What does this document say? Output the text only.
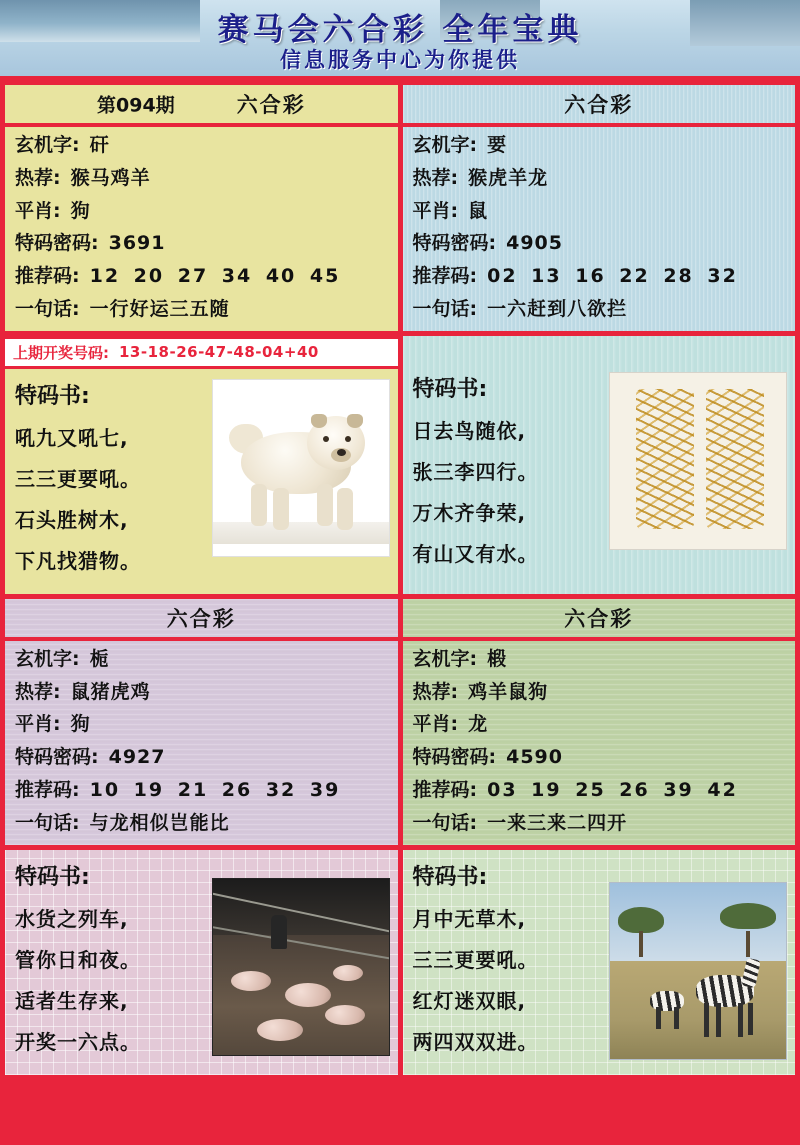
赛马会六合彩 全年宝典
信息服务中心为你提供
第094期	六合彩
玄机字: 矸
热荐: 猴马鸡羊
平肖: 狗
特码密码: 3691
推荐码: 12 20 27 34 40 45
一句话: 一行好运三五随
六合彩
玄机字: 要
热荐: 猴虎羊龙
平肖: 鼠
特码密码: 4905
推荐码: 02 13 16 22 28 32
一句话: 一六赶到八欲拦
上期开奖号码: 13-18-26-47-48-04+40
特码书:
吼九又吼七,
三三更要吼。
石头胜树木,
下凡找猎物。
特码书:
日去鸟随依,
张三李四行。
万木齐争荣,
有山又有水。
六合彩
玄机字: 栀
热荐: 鼠猪虎鸡
平肖: 狗
特码密码: 4927
推荐码: 10 19 21 26 32 39
一句话: 与龙相似岂能比
六合彩
玄机字: 椴
热荐: 鸡羊鼠狗
平肖: 龙
特码密码: 4590
推荐码: 03 19 25 26 39 42
一句话: 一来三来二四开
特码书:
水货之列车,
管你日和夜。
适者生存来,
开奖一六点。
特码书:
月中无草木,
三三更要吼。
红灯迷双眼,
两四双双进。
